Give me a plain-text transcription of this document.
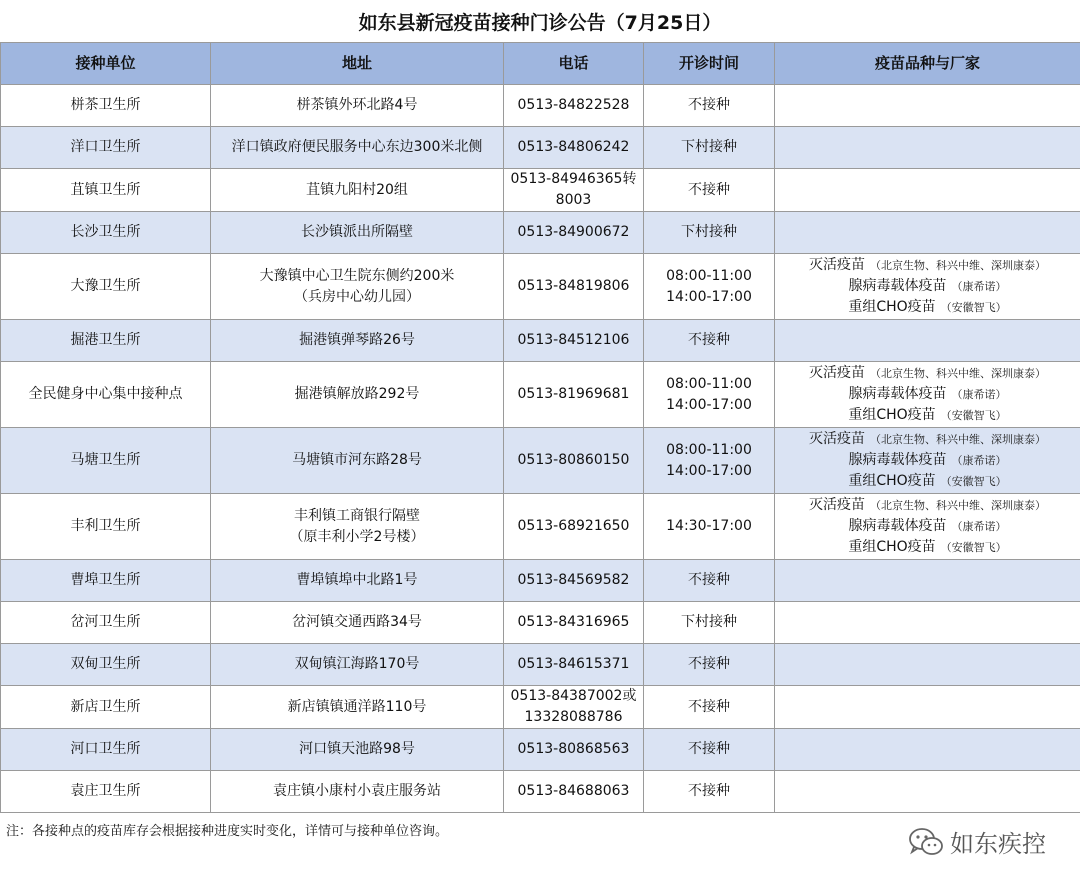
如东县新冠疫苗接种门诊公告（7月25日）
接种单位	地址	电话	开诊时间	疫苗品种与厂家
栟茶卫生所	栟茶镇外环北路4号	0513-84822528	不接种	

洋口卫生所	洋口镇政府便民服务中心东边300米北侧	0513-84806242	下村接种	

苴镇卫生所	苴镇九阳村20组	0513-84946365转
8003	不接种	

长沙卫生所	长沙镇派出所隔壁	0513-84900672	下村接种	

大豫卫生所	大豫镇中心卫生院东侧约200米
（兵房中心幼儿园）	0513-84819806	08:00-11:00
14:00-17:00	灭活疫苗 （北京生物、科兴中维、深圳康泰）
腺病毒载体疫苗 （康希诺）
重组CHO疫苗 （安徽智飞）

掘港卫生所	掘港镇弹琴路26号	0513-84512106	不接种	

全民健身中心集中接种点	掘港镇解放路292号	0513-81969681	08:00-11:00
14:00-17:00	灭活疫苗 （北京生物、科兴中维、深圳康泰）
腺病毒载体疫苗 （康希诺）
重组CHO疫苗 （安徽智飞）

马塘卫生所	马塘镇市河东路28号	0513-80860150	08:00-11:00
14:00-17:00	灭活疫苗 （北京生物、科兴中维、深圳康泰）
腺病毒载体疫苗 （康希诺）
重组CHO疫苗 （安徽智飞）

丰利卫生所	丰利镇工商银行隔壁
（原丰利小学2号楼）	0513-68921650	14:30-17:00	灭活疫苗 （北京生物、科兴中维、深圳康泰）
腺病毒载体疫苗 （康希诺）
重组CHO疫苗 （安徽智飞）

曹埠卫生所	曹埠镇埠中北路1号	0513-84569582	不接种	

岔河卫生所	岔河镇交通西路34号	0513-84316965	下村接种	

双甸卫生所	双甸镇江海路170号	0513-84615371	不接种	

新店卫生所	新店镇镇通洋路110号	0513-84387002或
13328088786	不接种	

河口卫生所	河口镇天池路98号	0513-80868563	不接种	

袁庄卫生所	袁庄镇小康村小袁庄服务站	0513-84688063	不接种	

注：各接种点的疫苗库存会根据接种进度实时变化，详情可与接种单位咨询。	如东疾控
